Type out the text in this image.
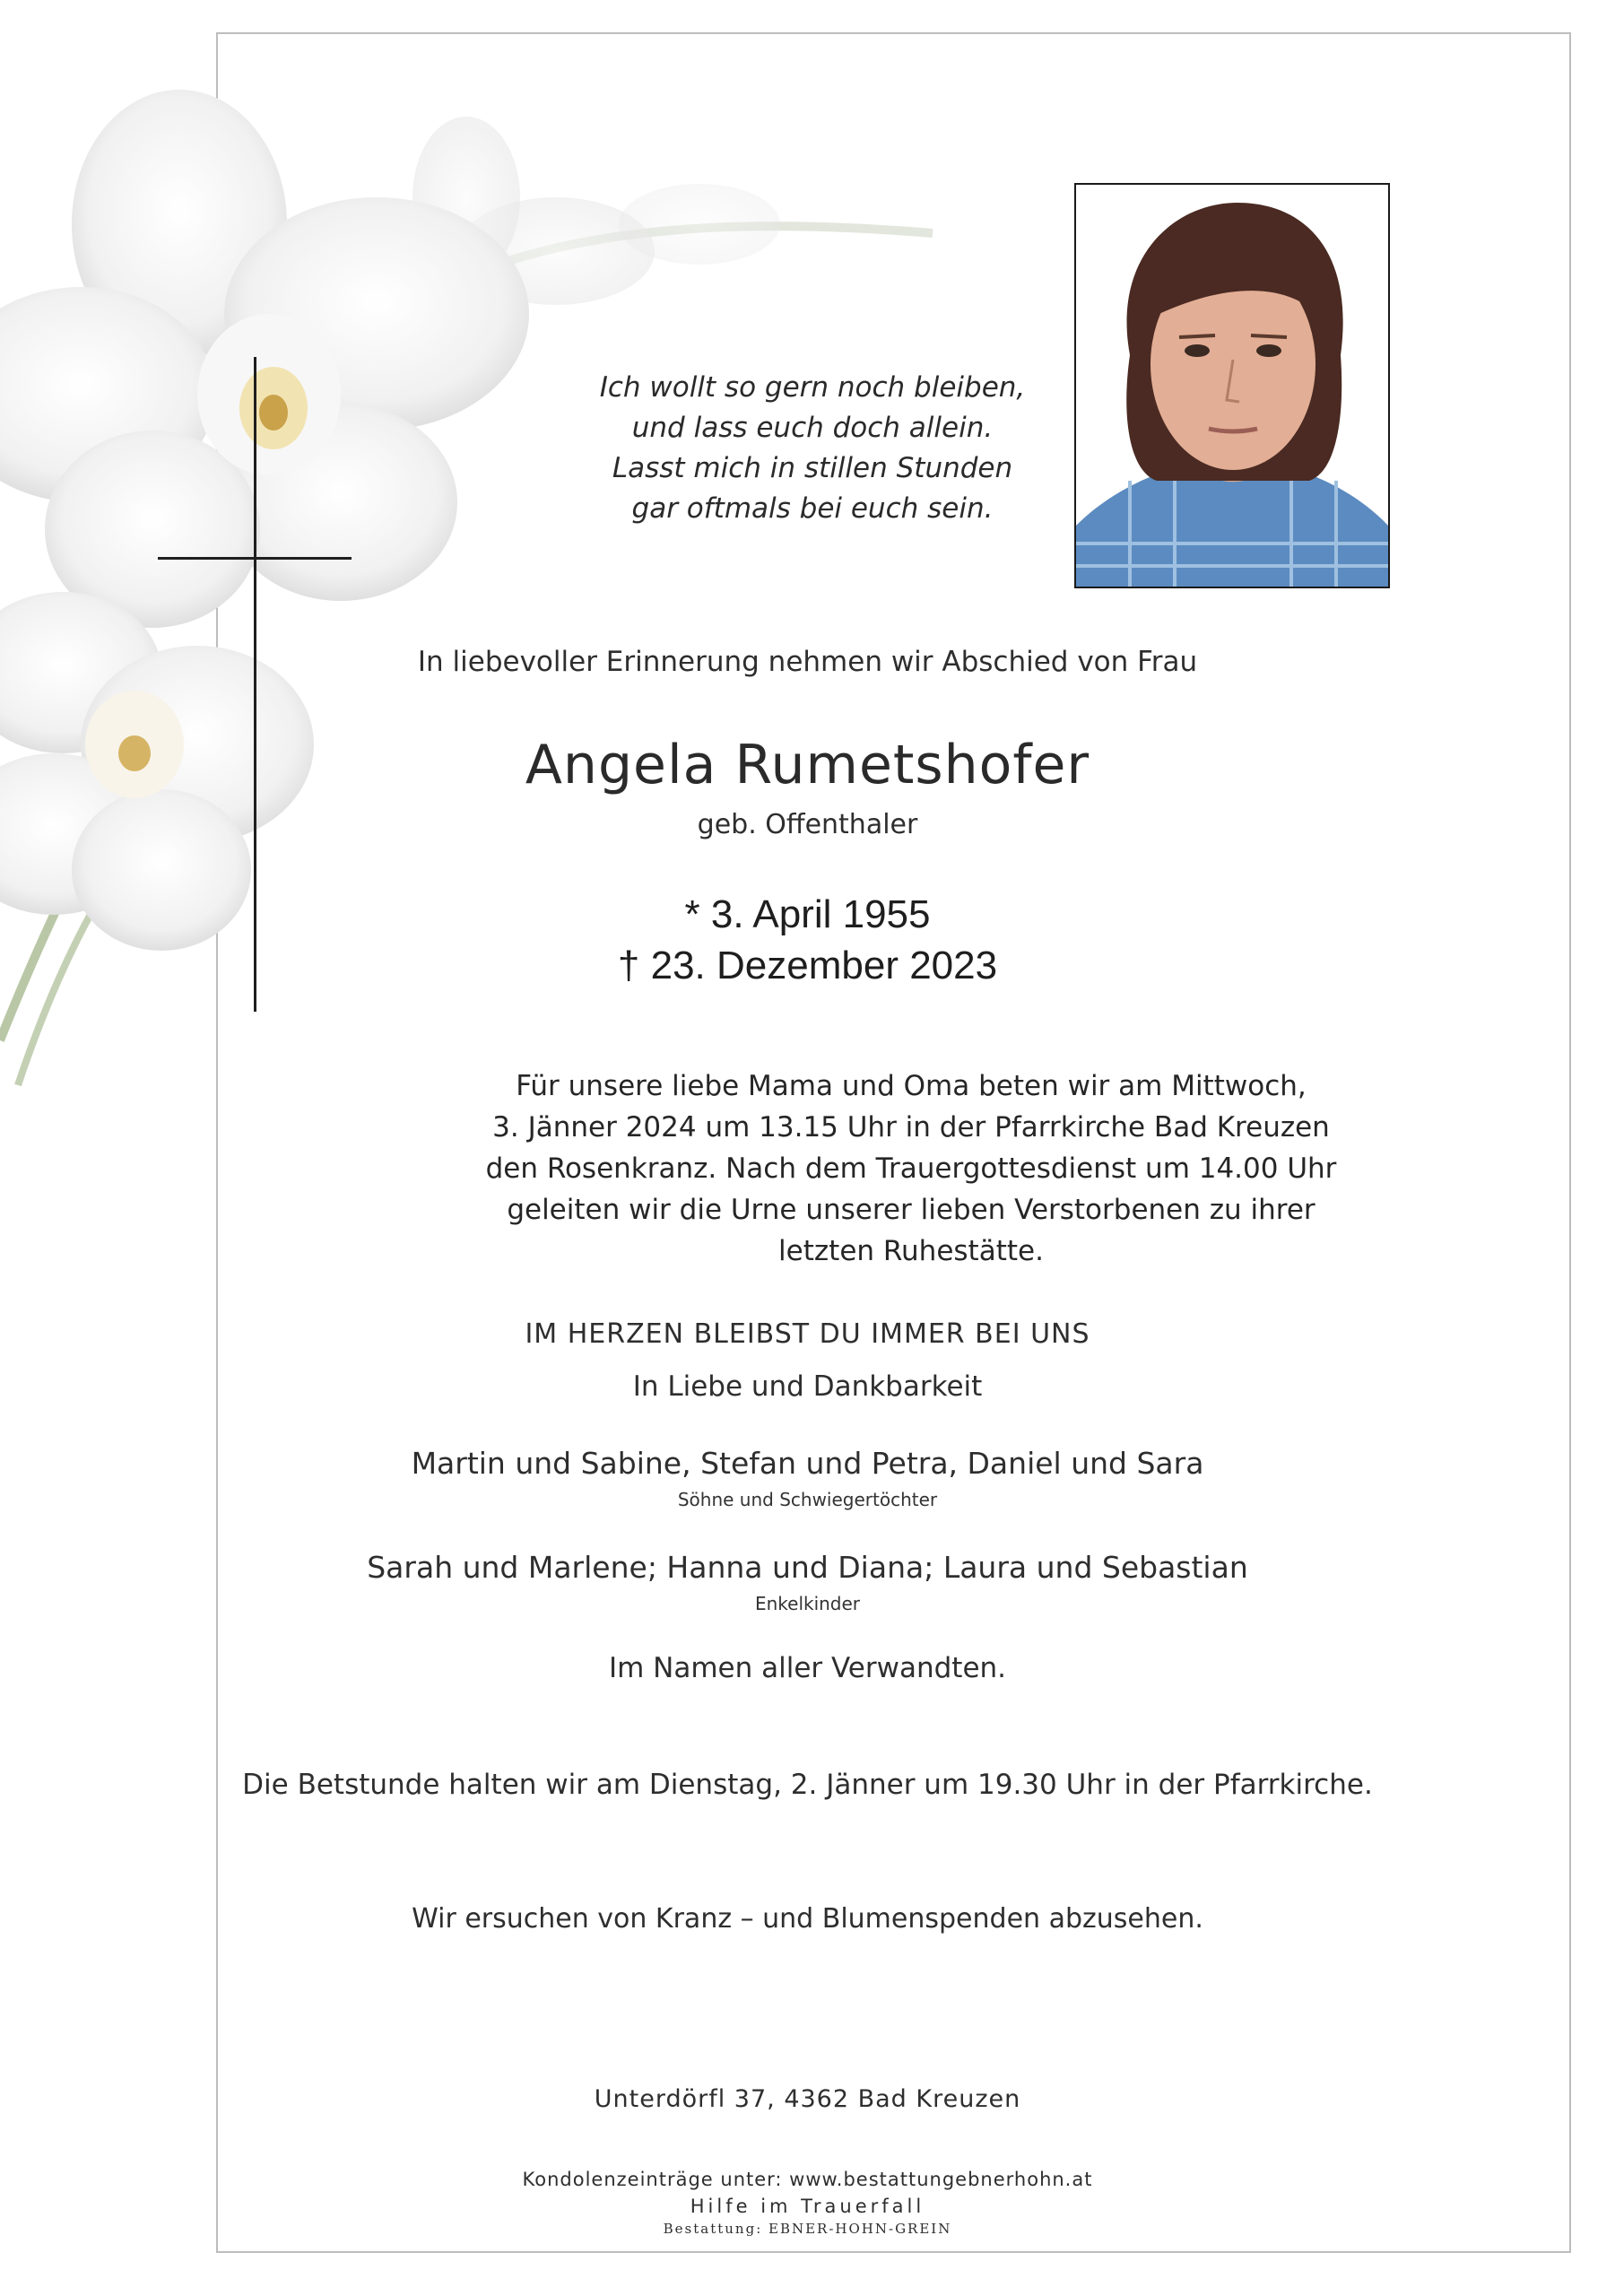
Ich wollt so gern noch bleiben,
und lass euch doch allein.
Lasst mich in stillen Stunden
gar oftmals bei euch sein.

In liebevoller Erinnerung nehmen wir Abschied von Frau

Angela Rumetshofer

geb. Offenthaler

* 3. April 1955

† 23. Dezember 2023

Für unsere liebe Mama und Oma beten wir am Mittwoch,
3. Jänner 2024 um 13.15 Uhr in der Pfarrkirche Bad Kreuzen
den Rosenkranz. Nach dem Trauergottesdienst um 14.00 Uhr
geleiten wir die Urne unserer lieben Verstorbenen zu ihrer
letzten Ruhestätte.

IM HERZEN BLEIBST DU IMMER BEI UNS

In Liebe und Dankbarkeit

Martin und Sabine, Stefan und Petra, Daniel und Sara

Söhne und Schwiegertöchter

Sarah und Marlene; Hanna und Diana; Laura und Sebastian

Enkelkinder

Im Namen aller Verwandten.

Die Betstunde halten wir am Dienstag, 2. Jänner um 19.30 Uhr in der Pfarrkirche.

Wir ersuchen von Kranz – und Blumenspenden abzusehen.

Unterdörfl 37, 4362 Bad Kreuzen

Kondolenzeinträge unter: www.bestattungebnerhohn.at

Hilfe im Trauerfall

Bestattung: EBNER-HOHN-GREIN
